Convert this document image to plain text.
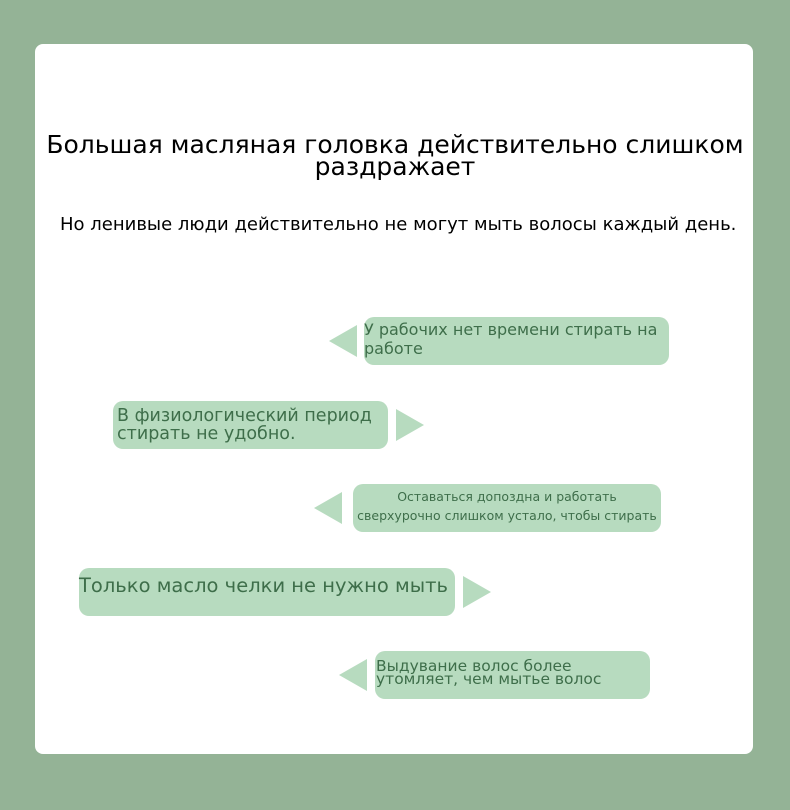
Большая масляная головка действительно слишком раздражает
Но ленивые люди действительно не могут мыть волосы каждый день.
У рабочих нет времени стирать на работе
В физиологический период стирать не удобно.
Оставаться допоздна и работать сверхурочно слишком устало, чтобы стирать
Только масло челки не нужно мыть
Выдувание волос более утомляет, чем мытье волос
